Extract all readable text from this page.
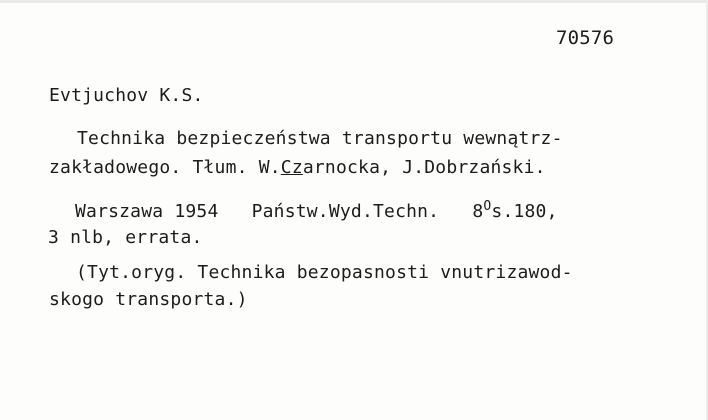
70576
Evtjuchov K.S.
Technika bezpieczeństwa transportu wewnątrz-
zakładowego. Tłum. W.Czarnocka, J.Dobrzański.
Warszawa 1954   Państw.Wyd.Techn.   $8^Os.180$,
3 nlb, errata.
(Tyt.oryg. Technika bezopasnosti vnutrizawod-
skogo transporta.)
